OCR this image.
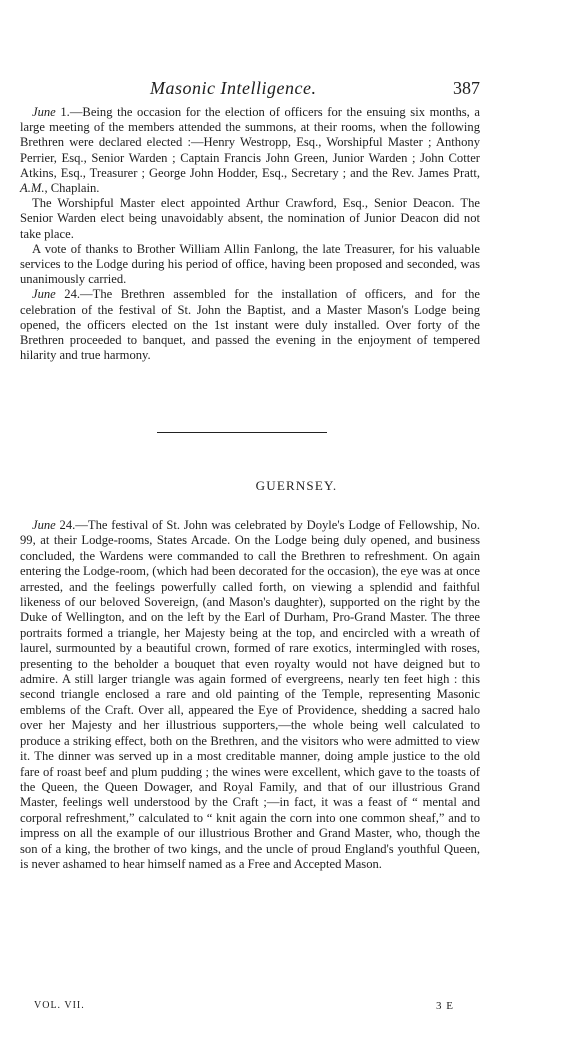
Masonic Intelligence.	387

June 1.—Being the occasion for the election of officers for the ensuing six months, a large meeting of the members attended the summons, at their rooms, when the following Brethren were declared elected :—Henry Westropp, Esq., Worshipful Master ; Anthony Perrier, Esq., Senior Warden ; Captain Francis John Green, Junior Warden ; John Cotter Atkins, Esq., Treasurer ; George John Hodder, Esq., Secretary ; and the Rev. James Pratt, A.M., Chaplain.

The Worshipful Master elect appointed Arthur Crawford, Esq., Senior Deacon. The Senior Warden elect being unavoidably absent, the nomination of Junior Deacon did not take place.

A vote of thanks to Brother William Allin Fanlong, the late Treasurer, for his valuable services to the Lodge during his period of office, having been proposed and seconded, was unanimously carried.

June 24.—The Brethren assembled for the installation of officers, and for the celebration of the festival of St. John the Baptist, and a Master Mason's Lodge being opened, the officers elected on the 1st instant were duly installed. Over forty of the Brethren proceeded to banquet, and passed the evening in the enjoyment of tempered hilarity and true harmony.

GUERNSEY.

June 24.—The festival of St. John was celebrated by Doyle's Lodge of Fellowship, No. 99, at their Lodge-rooms, States Arcade. On the Lodge being duly opened, and business concluded, the Wardens were commanded to call the Brethren to refreshment. On again entering the Lodge-room, (which had been decorated for the occasion), the eye was at once arrested, and the feelings powerfully called forth, on viewing a splendid and faithful likeness of our beloved Sovereign, (and Mason's daughter), supported on the right by the Duke of Wellington, and on the left by the Earl of Durham, Pro-Grand Master. The three portraits formed a triangle, her Majesty being at the top, and encircled with a wreath of laurel, surmounted by a beautiful crown, formed of rare exotics, intermingled with roses, presenting to the beholder a bouquet that even royalty would not have deigned but to admire. A still larger triangle was again formed of evergreens, nearly ten feet high : this second triangle enclosed a rare and old painting of the Temple, representing Masonic emblems of the Craft. Over all, appeared the Eye of Providence, shedding a sacred halo over her Majesty and her illustrious supporters,—the whole being well calculated to produce a striking effect, both on the Brethren, and the visitors who were admitted to view it. The dinner was served up in a most creditable manner, doing ample justice to the old fare of roast beef and plum pudding ; the wines were excellent, which gave to the toasts of the Queen, the Queen Dowager, and Royal Family, and that of our illustrious Grand Master, feelings well understood by the Craft ;—in fact, it was a feast of “ mental and corporal refreshment,” calculated to “ knit again the corn into one common sheaf,” and to impress on all the example of our illustrious Brother and Grand Master, who, though the son of a king, the brother of two kings, and the uncle of proud England's youthful Queen, is never ashamed to hear himself named as a Free and Accepted Mason.

VOL. VII.	3 E
